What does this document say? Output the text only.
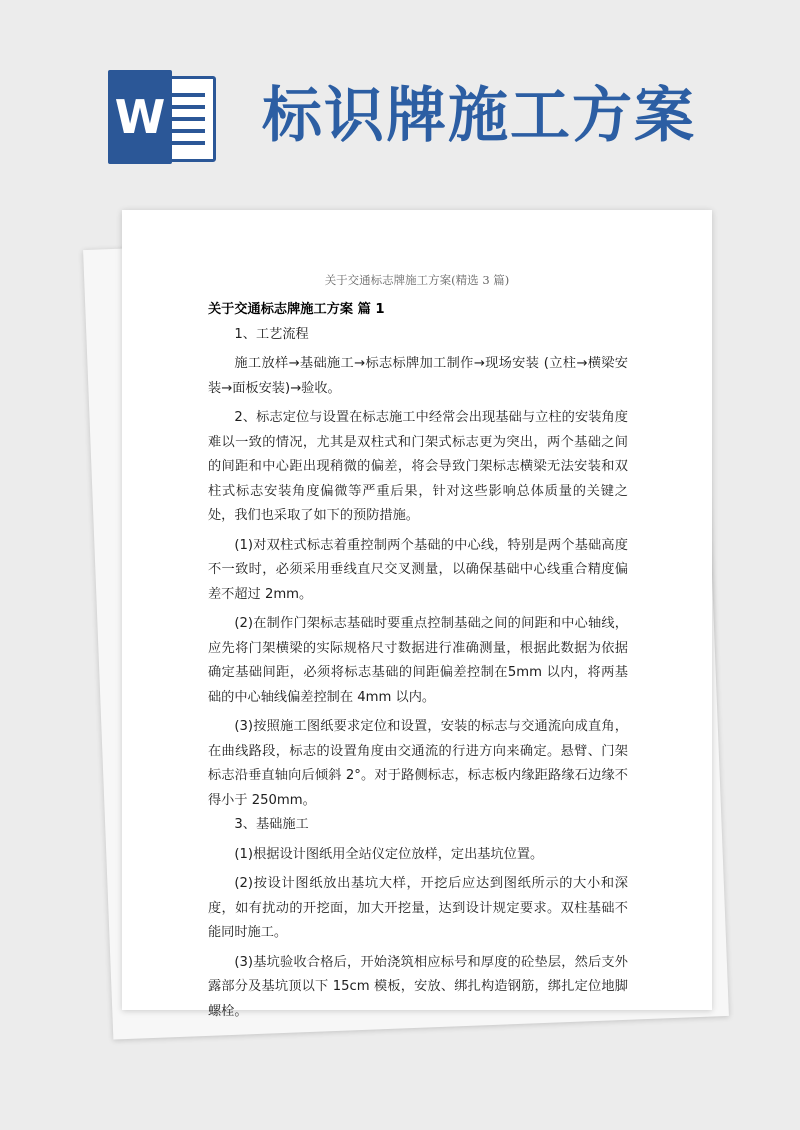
W 标识牌施工方案
关于交通标志牌施工方案(精选 3 篇)

关于交通标志牌施工方案 篇 1

1、工艺流程

施工放样→基础施工→标志标牌加工制作→现场安装 (立柱→横梁安装→面板安装)→验收。

2、标志定位与设置在标志施工中经常会出现基础与立柱的安装角度难以一致的情况，尤其是双柱式和门架式标志更为突出，两个基础之间的间距和中心距出现稍微的偏差，将会导致门架标志横梁无法安装和双柱式标志安装角度偏微等严重后果，针对这些影响总体质量的关键之处，我们也采取了如下的预防措施。

(1)对双柱式标志着重控制两个基础的中心线，特别是两个基础高度不一致时，必须采用垂线直尺交叉测量，以确保基础中心线重合精度偏差不超过 2mm。

(2)在制作门架标志基础时要重点控制基础之间的间距和中心轴线，应先将门架横梁的实际规格尺寸数据进行准确测量，根据此数据为依据确定基础间距，必须将标志基础的间距偏差控制在5mm 以内，将两基础的中心轴线偏差控制在 4mm 以内。

(3)按照施工图纸要求定位和设置，安装的标志与交通流向成直角，在曲线路段，标志的设置角度由交通流的行进方向来确定。悬臂、门架标志沿垂直轴向后倾斜 2°。对于路侧标志，标志板内缘距路缘石边缘不得小于 250mm。

3、基础施工

(1)根据设计图纸用全站仪定位放样，定出基坑位置。

(2)按设计图纸放出基坑大样，开挖后应达到图纸所示的大小和深度，如有扰动的开挖面，加大开挖量，达到设计规定要求。双柱基础不能同时施工。

(3)基坑验收合格后，开始浇筑相应标号和厚度的砼垫层，然后支外露部分及基坑顶以下 15cm 模板，安放、绑扎构造钢筋，绑扎定位地脚螺栓。
